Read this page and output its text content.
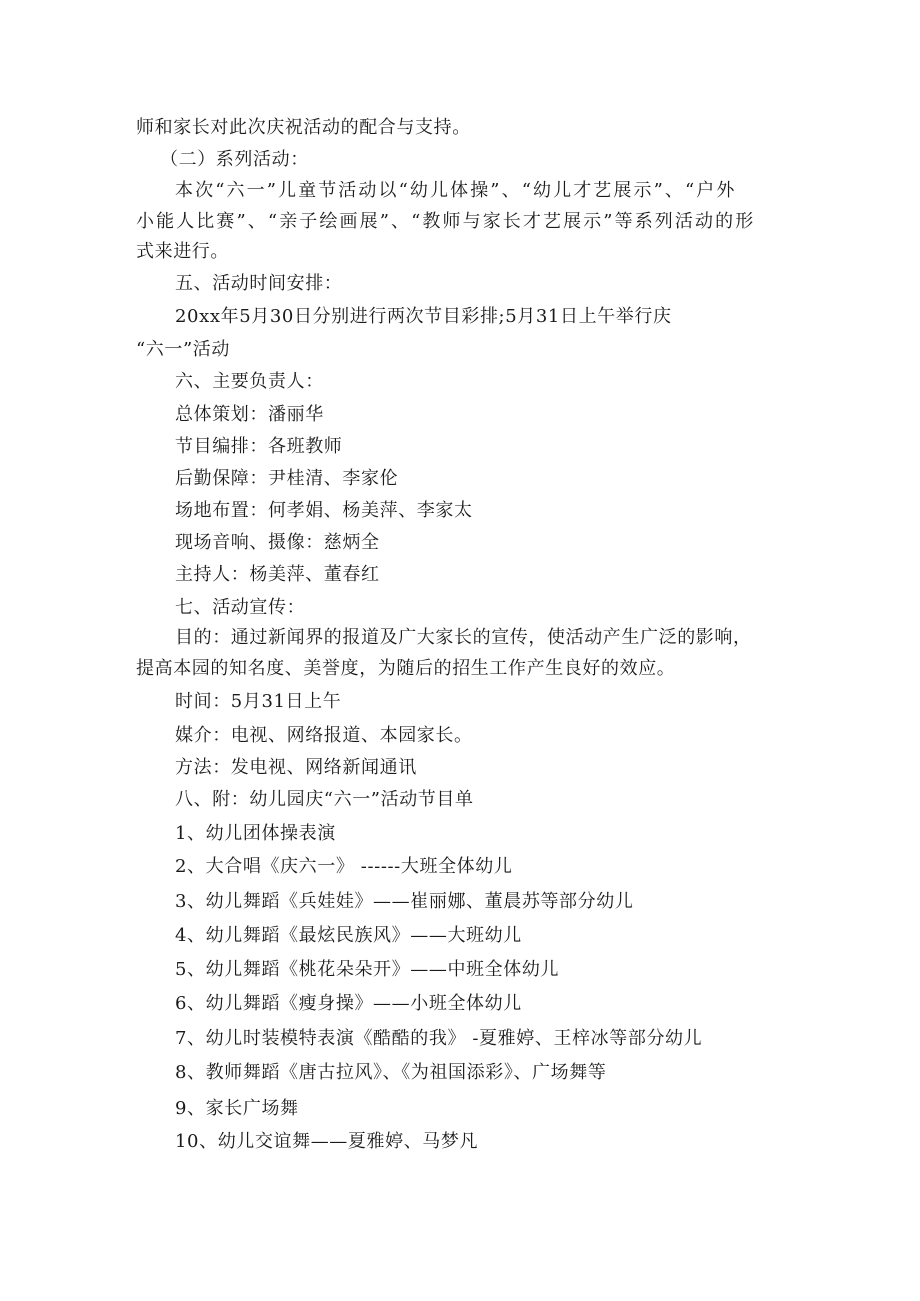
师和家长对此次庆祝活动的配合与支持。
（二）系列活动：
本次“六一”儿童节活动以“幼儿体操”、“幼儿才艺展示”、“户外
小能人比赛”、“亲子绘画展”、“教师与家长才艺展示”等系列活动的形
式来进行。
五、活动时间安排：
20xx年5月30日分别进行两次节目彩排;5月31日上午举行庆
“六一”活动
六、主要负责人：
总体策划：潘丽华
节目编排：各班教师
后勤保障：尹桂清、李家伦
场地布置：何孝娟、杨美萍、李家太
现场音响、摄像：慈炳全
主持人：杨美萍、董春红
七、活动宣传：
目的：通过新闻界的报道及广大家长的宣传，使活动产生广泛的影响，
提高本园的知名度、美誉度，为随后的招生工作产生良好的效应。
时间：5月31日上午
媒介：电视、网络报道、本园家长。
方法：发电视、网络新闻通讯
八、附：幼儿园庆“六一”活动节目单
1、幼儿团体操表演
2、大合唱《庆六一》 ------大班全体幼儿
3、幼儿舞蹈《兵娃娃》——崔丽娜、董晨苏等部分幼儿
4、幼儿舞蹈《最炫民族风》——大班幼儿
5、幼儿舞蹈《桃花朵朵开》——中班全体幼儿
6、幼儿舞蹈《瘦身操》——小班全体幼儿
7、幼儿时装模特表演《酷酷的我》 -夏雅婷、王梓冰等部分幼儿
8、教师舞蹈《唐古拉风》、《为祖国添彩》、广场舞等
9、家长广场舞
10、幼儿交谊舞——夏雅婷、马梦凡
